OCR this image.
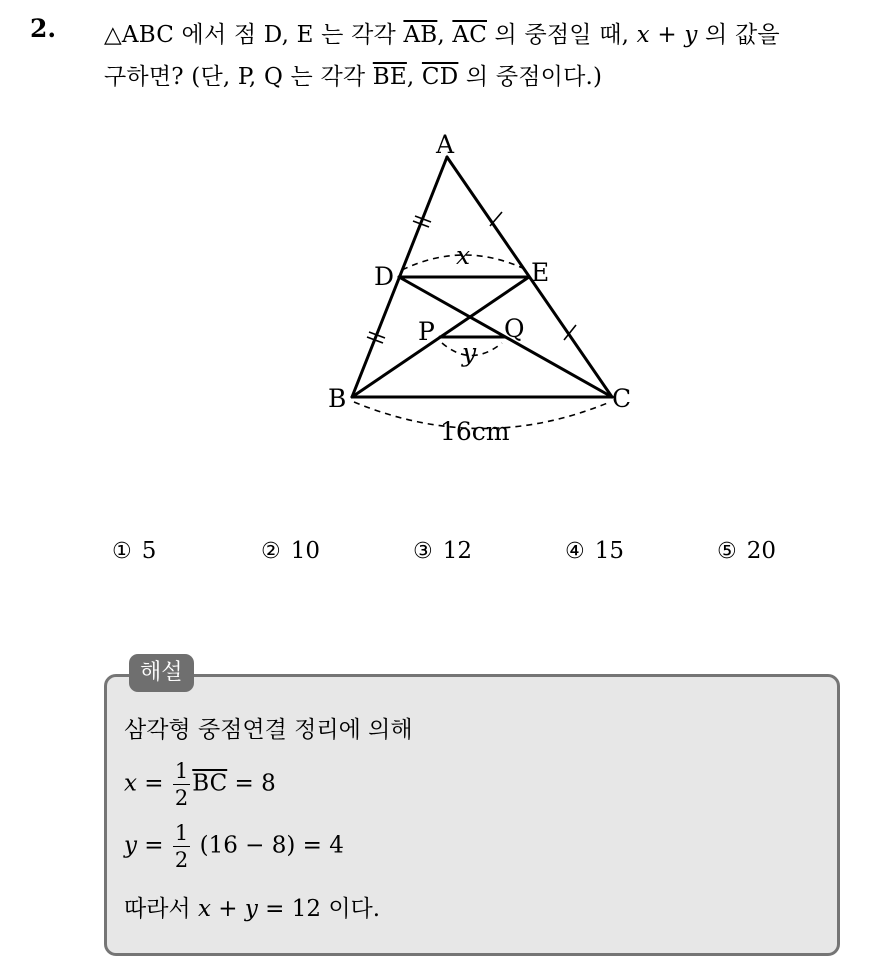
2. △ABC 에서 점 D, E 는 각각 $\overline{AB}$, $\overline{AC}$ 의 중점일 때, x + y 의 값을
구하면? (단, P, Q 는 각각 $\overline{BE}$, $\overline{CD}$ 의 중점이다.)
A
B	C
D	E
P	Q
x
y
16cm
① 5	② 10	③ 12	④ 15	⑤ 20
해설
삼각형 중점연결 정리에 의해
$x = \frac{1}{2} \overline{BC} = 8$
$y = \frac{1}{2} (16 - 8) = 4$
따라서 x + y = 12 이다.
